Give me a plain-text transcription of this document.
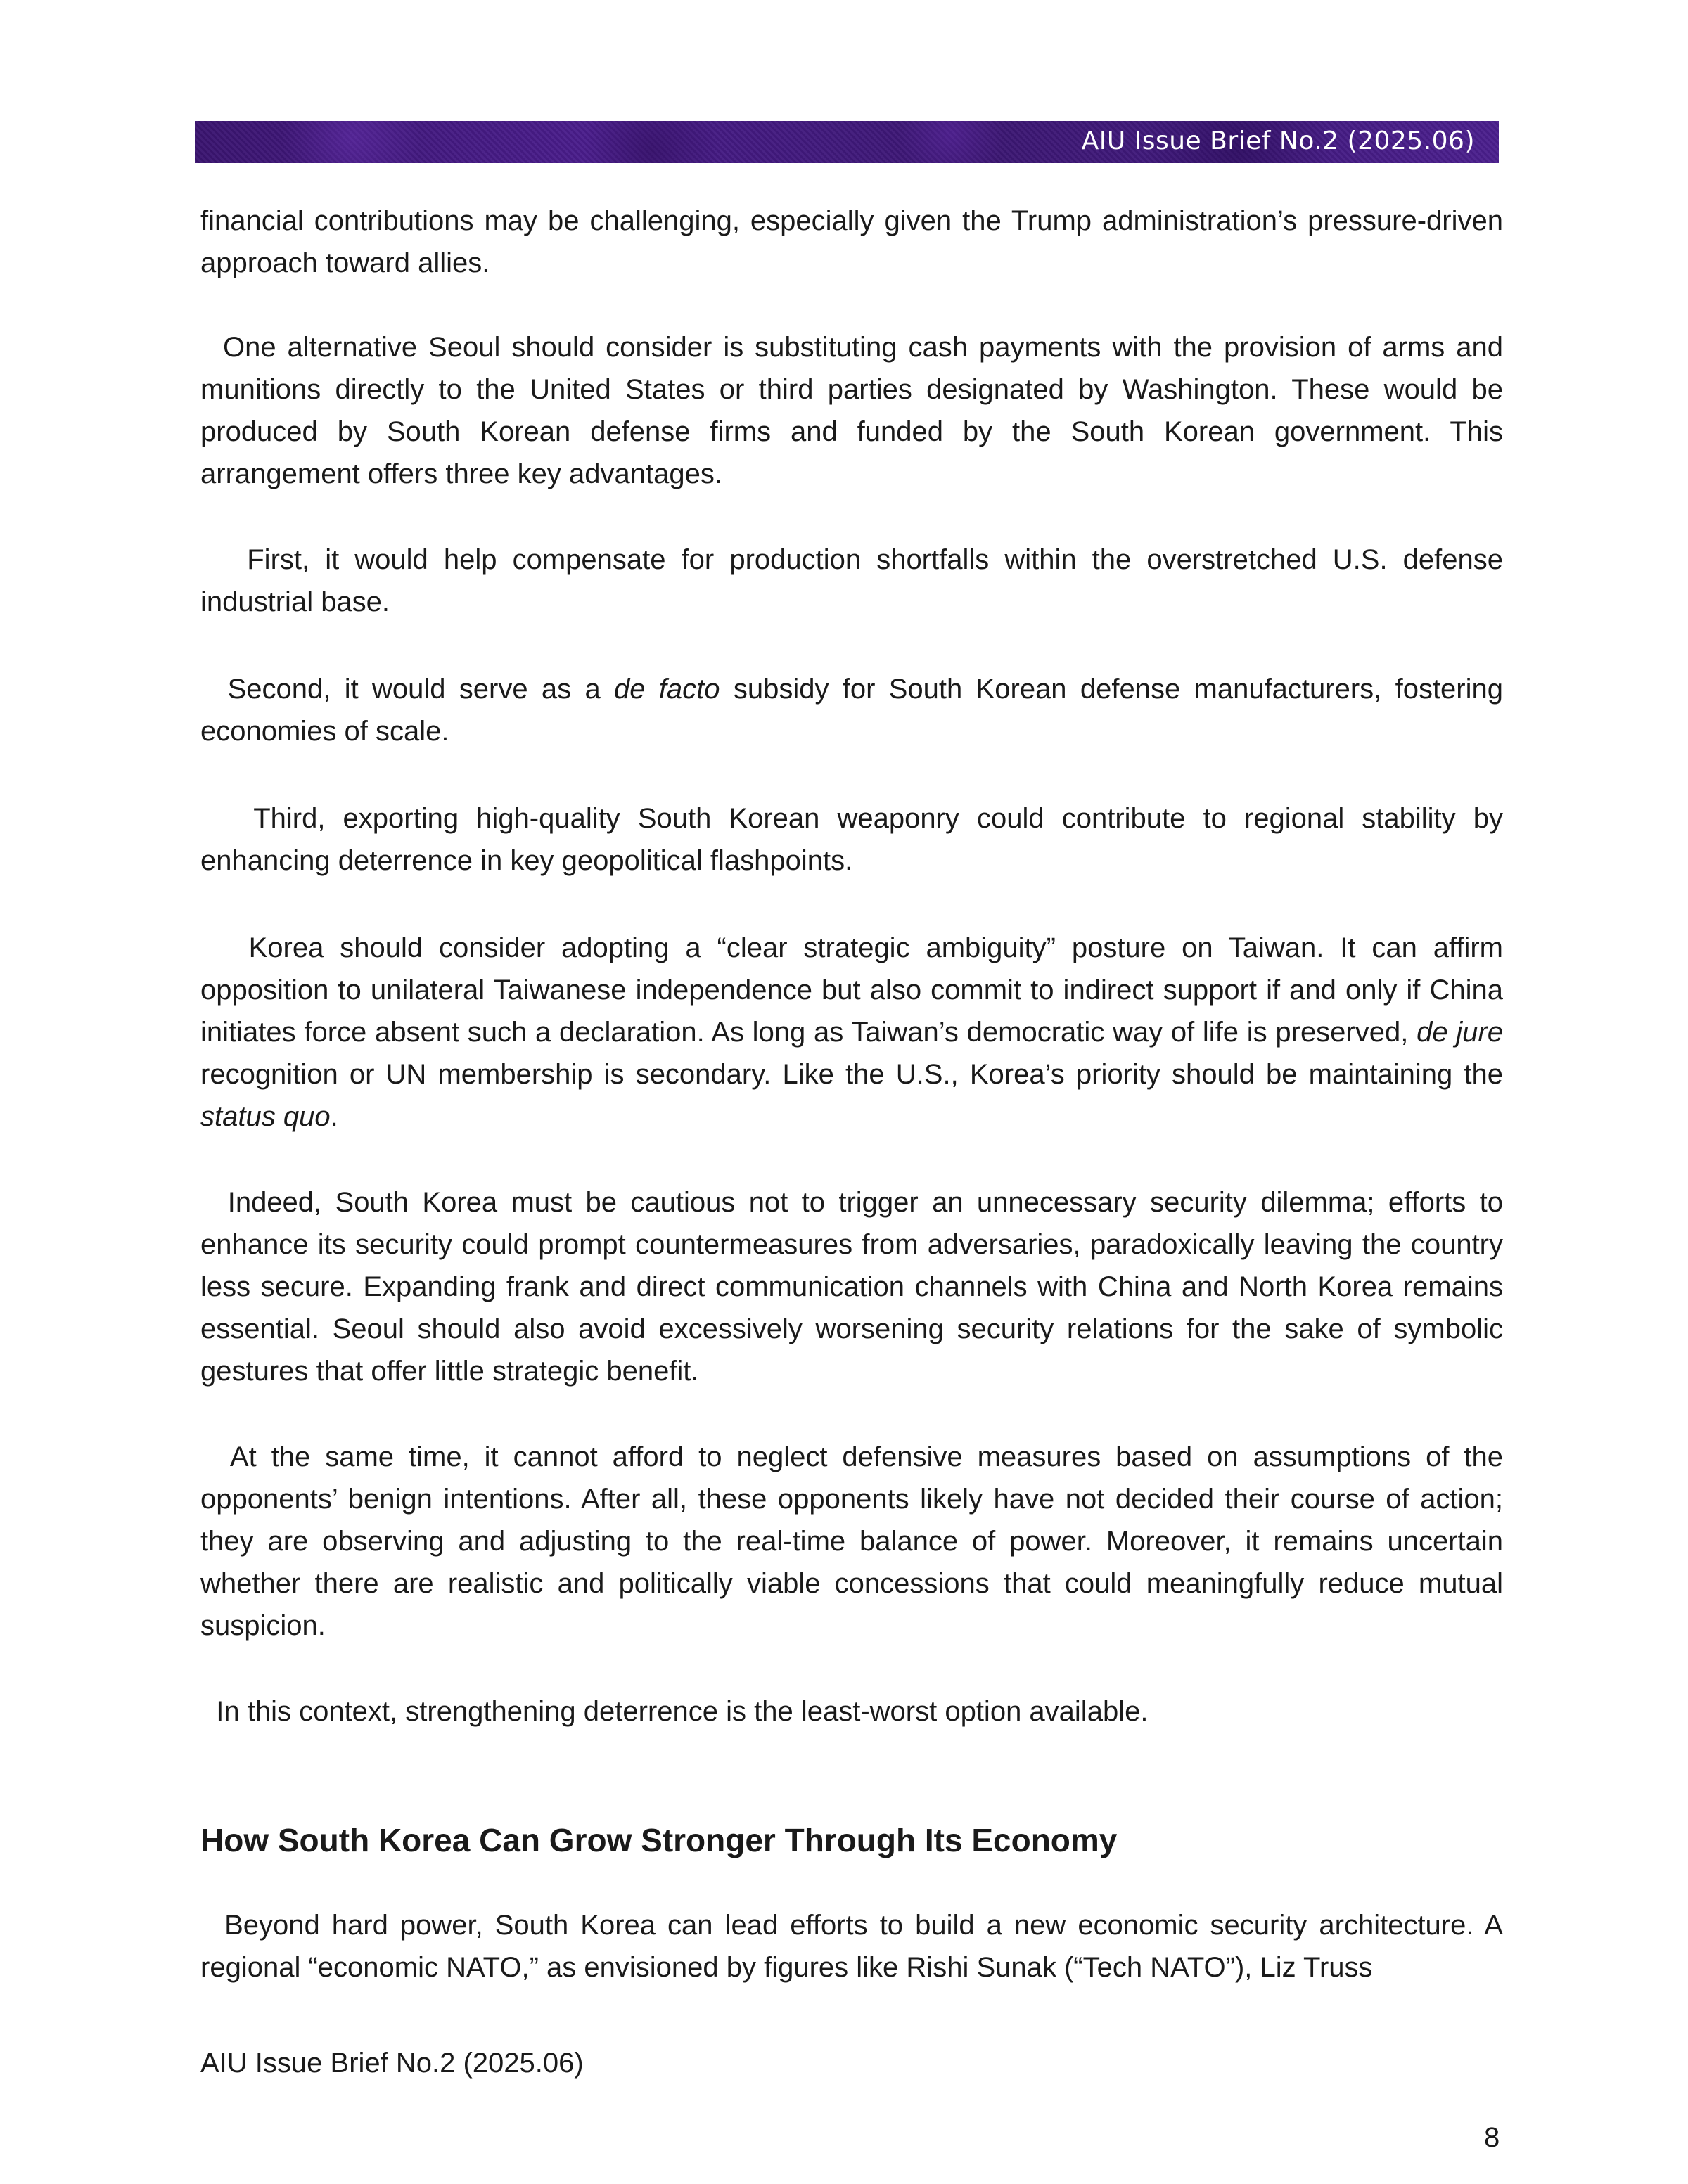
AIU Issue Brief No.2 (2025.06)

financial contributions may be challenging, especially given the Trump administration’s pressure-driven approach toward allies.

One alternative Seoul should consider is substituting cash payments with the provision of arms and munitions directly to the United States or third parties designated by Washington. These would be produced by South Korean defense firms and funded by the South Korean government. This arrangement offers three key advantages.

First, it would help compensate for production shortfalls within the overstretched U.S. defense industrial base.

Second, it would serve as a de facto subsidy for South Korean defense manufacturers, fostering economies of scale.

Third, exporting high-quality South Korean weaponry could contribute to regional stability by enhancing deterrence in key geopolitical flashpoints.

Korea should consider adopting a “clear strategic ambiguity” posture on Taiwan. It can affirm opposition to unilateral Taiwanese independence but also commit to indirect support if and only if China initiates force absent such a declaration. As long as Taiwan’s democratic way of life is preserved, de jure recognition or UN membership is secondary. Like the U.S., Korea’s priority should be maintaining the status quo.

Indeed, South Korea must be cautious not to trigger an unnecessary security dilemma; efforts to enhance its security could prompt countermeasures from adversaries, paradoxically leaving the country less secure. Expanding frank and direct communication channels with China and North Korea remains essential. Seoul should also avoid excessively worsening security relations for the sake of symbolic gestures that offer little strategic benefit.

At the same time, it cannot afford to neglect defensive measures based on assumptions of the opponents’ benign intentions. After all, these opponents likely have not decided their course of action; they are observing and adjusting to the real-time balance of power. Moreover, it remains uncertain whether there are realistic and politically viable concessions that could meaningfully reduce mutual suspicion.

In this context, strengthening deterrence is the least-worst option available.

How South Korea Can Grow Stronger Through Its Economy

Beyond hard power, South Korea can lead efforts to build a new economic security architecture. A regional “economic NATO,” as envisioned by figures like Rishi Sunak (“Tech NATO”), Liz Truss

AIU Issue Brief No.2 (2025.06)
8
